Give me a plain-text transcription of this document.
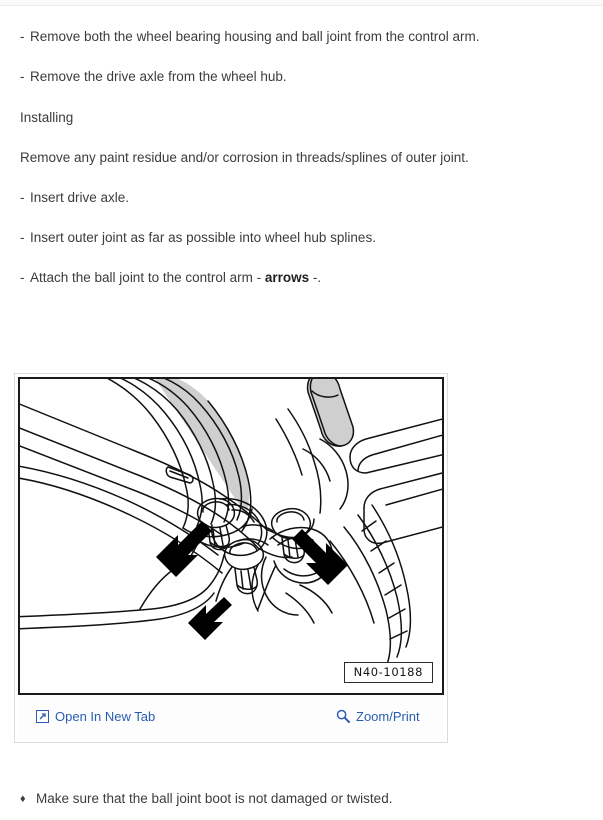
- Remove both the wheel bearing housing and ball joint from the control arm.
- Remove the drive axle from the wheel hub.
Installing
Remove any paint residue and/or corrosion in threads/splines of outer joint.
- Insert drive axle.
- Insert outer joint as far as possible into wheel hub splines.
- Attach the ball joint to the control arm - arrows -.
N40-10188
Open In New Tab	Zoom/Print
♦ Make sure that the ball joint boot is not damaged or twisted.
